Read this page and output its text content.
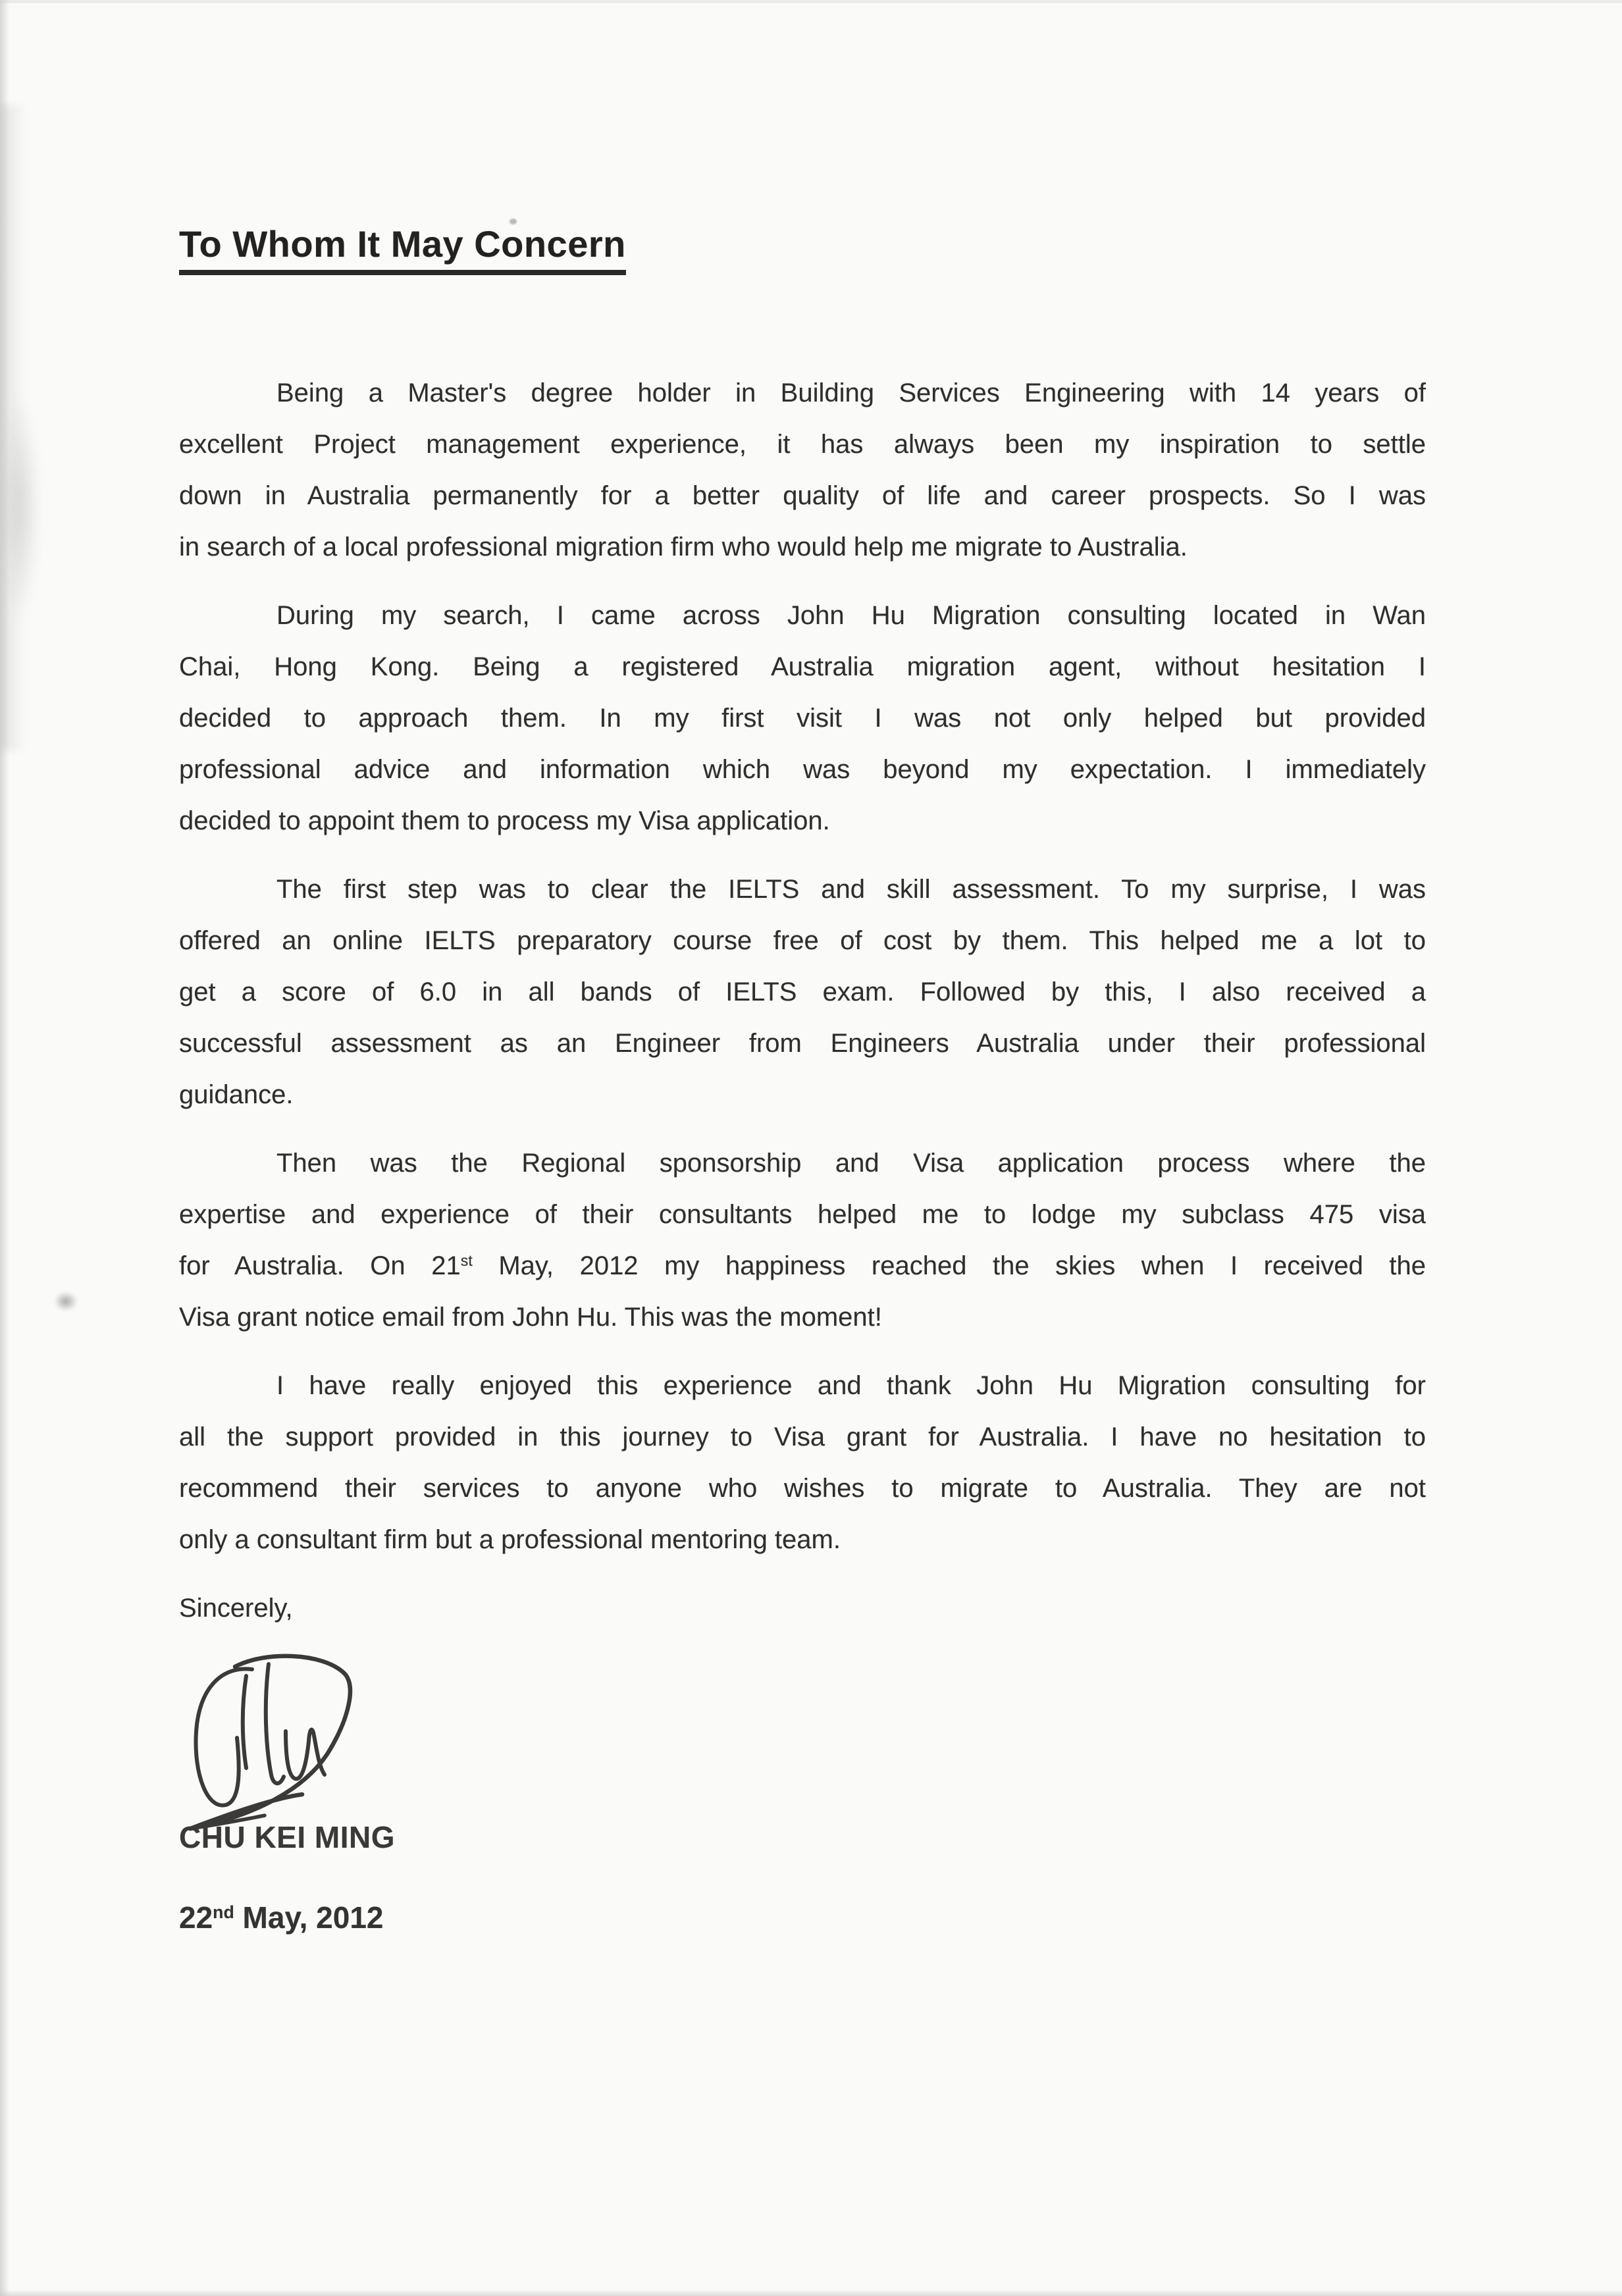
To Whom It May Concern
Being a Master's degree holder in Building Services Engineering with 14 years of
excellent Project management experience, it has always been my inspiration to settle
down in Australia permanently for a better quality of life and career prospects. So I was
in search of a local professional migration firm who would help me migrate to Australia.
During my search, I came across John Hu Migration consulting located in Wan
Chai, Hong Kong. Being a registered Australia migration agent, without hesitation I
decided to approach them. In my first visit I was not only helped but provided
professional advice and information which was beyond my expectation. I immediately
decided to appoint them to process my Visa application.
The first step was to clear the IELTS and skill assessment. To my surprise, I was
offered an online IELTS preparatory course free of cost by them. This helped me a lot to
get a score of 6.0 in all bands of IELTS exam. Followed by this, I also received a
successful assessment as an Engineer from Engineers Australia under their professional
guidance.
Then was the Regional sponsorship and Visa application process where the
expertise and experience of their consultants helped me to lodge my subclass 475 visa
for Australia. On 21st May, 2012 my happiness reached the skies when I received the
Visa grant notice email from John Hu. This was the moment!
I have really enjoyed this experience and thank John Hu Migration consulting for
all the support provided in this journey to Visa grant for Australia. I have no hesitation to
recommend their services to anyone who wishes to migrate to Australia. They are not
only a consultant firm but a professional mentoring team.
Sincerely,
CHU KEI MING
22nd May, 2012
